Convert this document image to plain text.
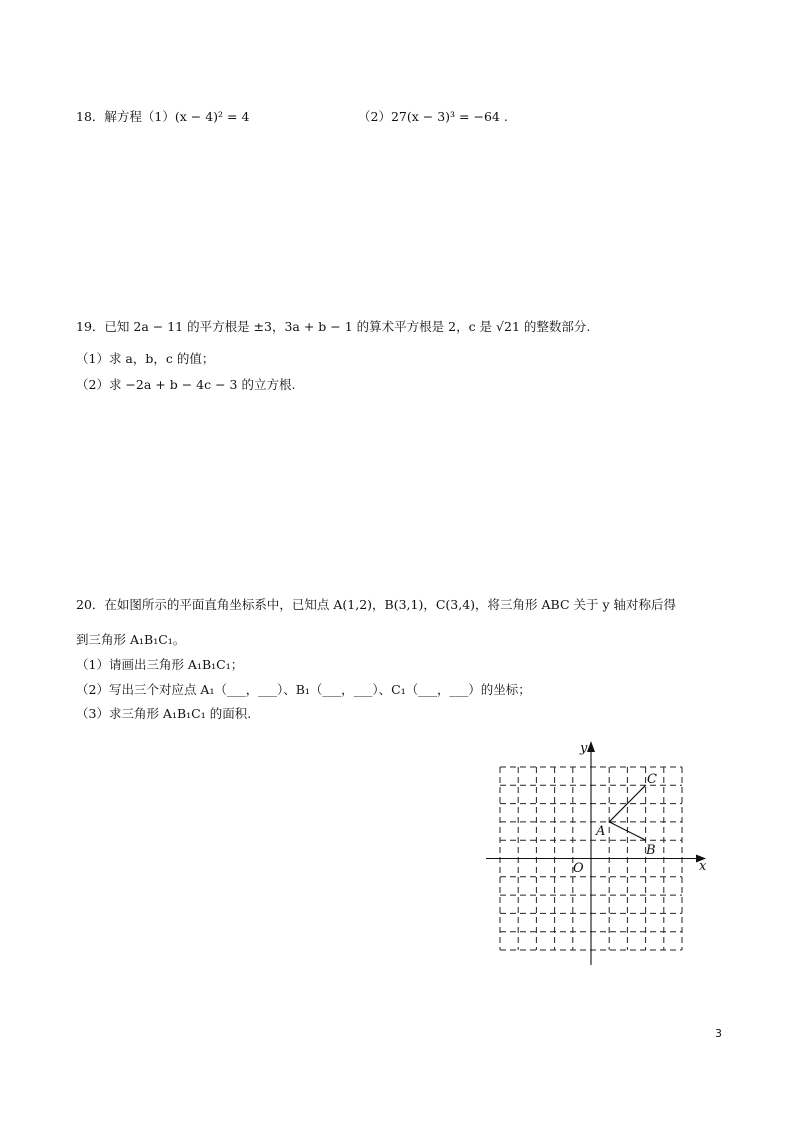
18．解方程（1）(x − 4)² = 4	（2）27(x − 3)³ = −64 .
19．已知 2a − 11 的平方根是 ±3，3a + b − 1 的算术平方根是 2，c 是 √21 的整数部分.
（1）求 a，b，c 的值；
（2）求 −2a + b − 4c − 3 的立方根.
20．在如图所示的平面直角坐标系中，已知点 A(1,2)，B(3,1)，C(3,4)，将三角形 ABC 关于 y 轴对称后得
到三角形 A₁B₁C₁。
（1）请画出三角形 A₁B₁C₁；
（2）写出三个对应点 A₁（___，___）、B₁（___，___）、C₁（___，___）的坐标；
（3）求三角形 A₁B₁C₁ 的面积.
x
y
O
A
B
C
3
